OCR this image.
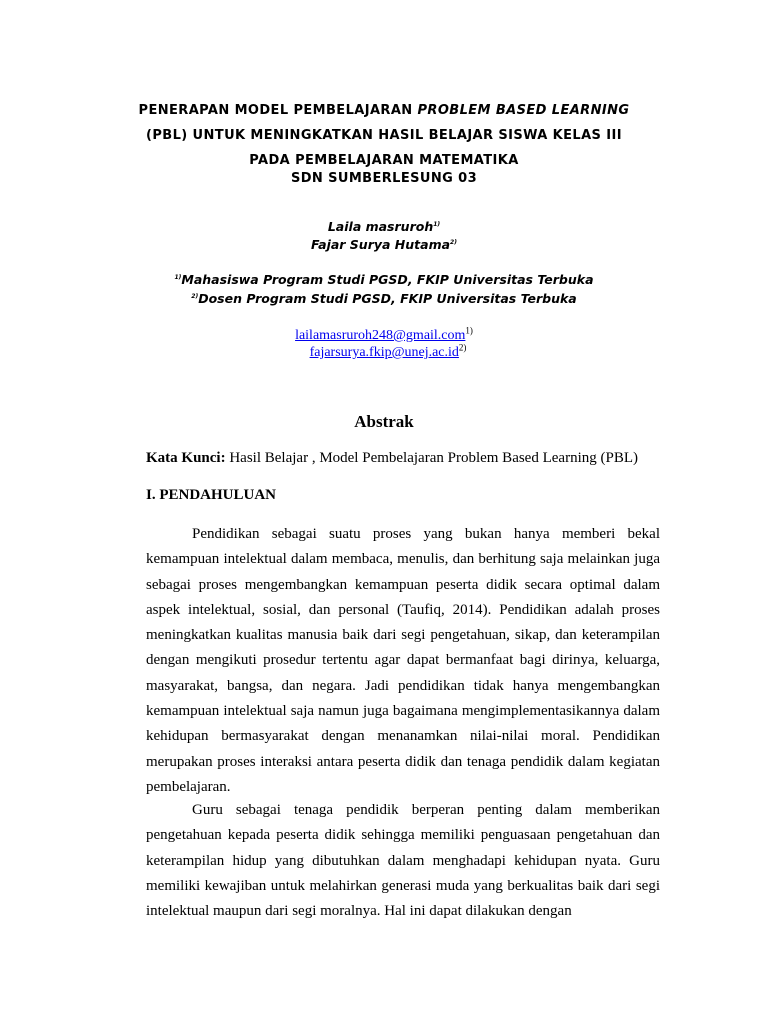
PENERAPAN MODEL PEMBELAJARAN PROBLEM BASED LEARNING
(PBL) UNTUK MENINGKATKAN HASIL BELAJAR SISWA KELAS III
PADA PEMBELAJARAN MATEMATIKA
SDN SUMBERLESUNG 03
Laila masruroh$^{1)}$
Fajar Surya Hutama$^{2)}$
$^{1)}$Mahasiswa Program Studi PGSD, FKIP Universitas Terbuka
$^{2)}$Dosen Program Studi PGSD, FKIP Universitas Terbuka
lailamasruroh248@gmail.com$^{1)}$
$fajarsurya.fkip@unej.ac.id^{2)}$
Abstrak
Kata Kunci: Hasil Belajar , Model Pembelajaran Problem Based Learning (PBL)
I. PENDAHULUAN

Pendidikan sebagai suatu proses yang bukan hanya memberi bekal kemampuan intelektual dalam membaca, menulis, dan berhitung saja melainkan juga sebagai proses mengembangkan kemampuan peserta didik secara optimal dalam aspek intelektual, sosial, dan personal (Taufiq, 2014). Pendidikan adalah proses meningkatkan kualitas manusia baik dari segi pengetahuan, sikap, dan keterampilan dengan mengikuti prosedur tertentu agar dapat bermanfaat bagi dirinya, keluarga, masyarakat, bangsa, dan negara. Jadi pendidikan tidak hanya mengembangkan kemampuan intelektual saja namun juga bagaimana mengimplementasikannya dalam kehidupan bermasyarakat dengan menanamkan nilai-nilai moral. Pendidikan merupakan proses interaksi antara peserta didik dan tenaga pendidik dalam kegiatan pembelajaran.

Guru sebagai tenaga pendidik berperan penting dalam memberikan pengetahuan kepada peserta didik sehingga memiliki penguasaan pengetahuan dan keterampilan hidup yang dibutuhkan dalam menghadapi kehidupan nyata. Guru memiliki kewajiban untuk melahirkan generasi muda yang berkualitas baik dari segi intelektual maupun dari segi moralnya. Hal ini dapat dilakukan dengan
